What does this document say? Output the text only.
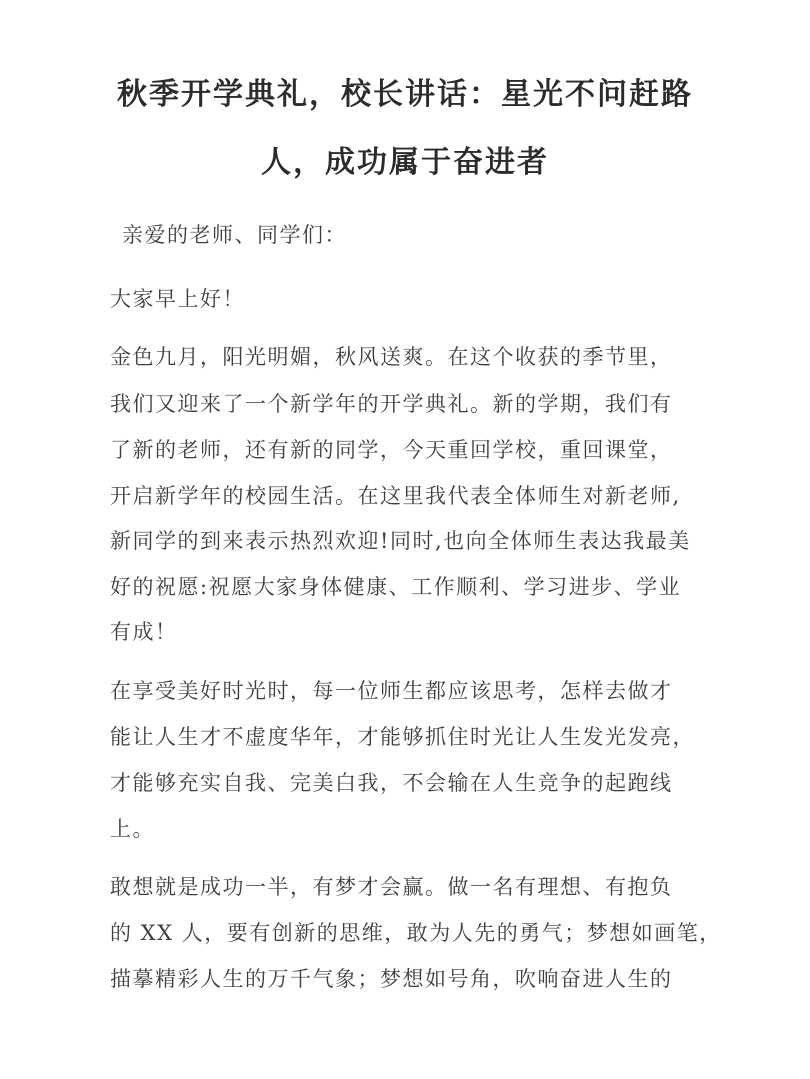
秋季开学典礼，校长讲话：星光不问赶路
人，成功属于奋进者
亲爱的老师、同学们：
大家早上好！
金色九月，阳光明媚，秋风送爽。在这个收获的季节里，
我们又迎来了一个新学年的开学典礼。新的学期，我们有
了新的老师，还有新的同学，今天重回学校，重回课堂，
开启新学年的校园生活。在这里我代表全体师生对新老师,
新同学的到来表示热烈欢迎!同时,也向全体师生表达我最美
好的祝愿:祝愿大家身体健康、工作顺利、学习进步、学业
有成！
在享受美好时光时，每一位师生都应该思考，怎样去做才
能让人生才不虚度华年，才能够抓住时光让人生发光发亮，
才能够充实自我、完美白我，不会输在人生竞争的起跑线
上。
敢想就是成功一半，有梦才会赢。做一名有理想、有抱负
的 XX 人，要有创新的思维，敢为人先的勇气；梦想如画笔，
描摹精彩人生的万千气象；梦想如号角，吹响奋进人生的
